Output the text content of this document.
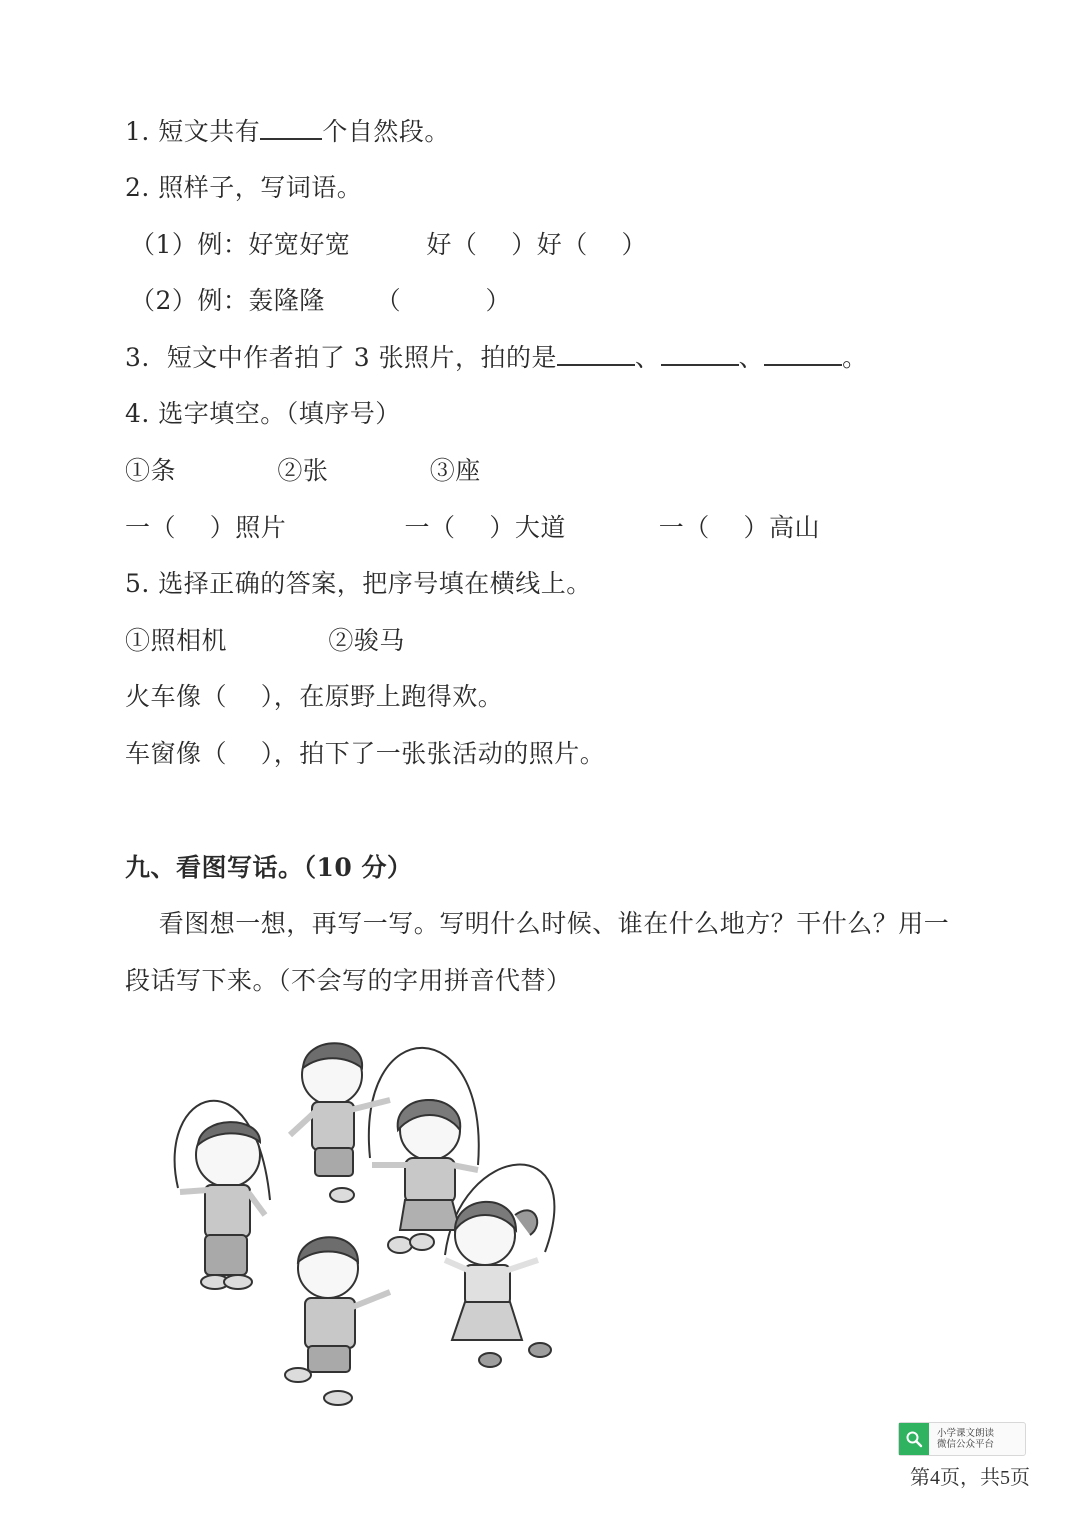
1. 短文共有 个自然段。
2. 照样子，写词语。
（1）例：好宽好宽         好（    ）好（    ）
（2）例：轰隆隆      （          ）
3.  短文中作者拍了 3 张照片，拍的是	、	、	。
4. 选字填空。（填序号）
①条            ②张            ③座
一（    ）照片              一（    ）大道           一（    ）高山
5. 选择正确的答案，把序号填在横线上。
①照相机            ②骏马
火车像（    ），在原野上跑得欢。
车窗像（    ），拍下了一张张活动的照片。
九、看图写话。（10 分）
看图想一想，再写一写。写明什么时候、谁在什么地方？干什么？用一
段话写下来。（不会写的字用拼音代替）
小学课文朗读
微信公众平台
第4页，共5页
